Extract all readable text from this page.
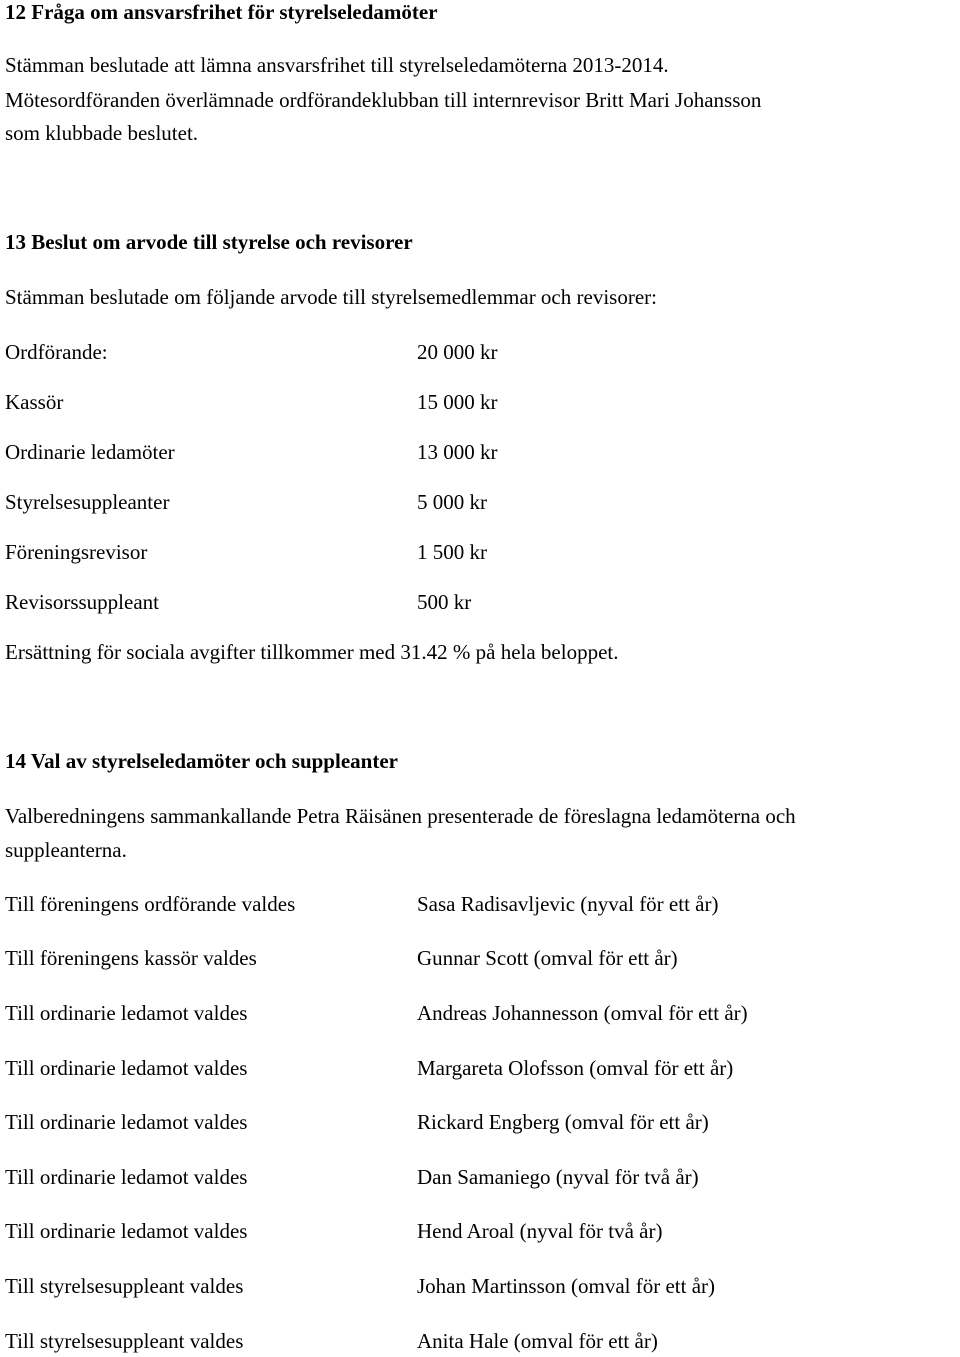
12 Fråga om ansvarsfrihet för styrelseledamöter
Stämman beslutade att lämna ansvarsfrihet till styrelseledamöterna 2013-2014.
Mötesordföranden överlämnade ordförandeklubban till internrevisor Britt Mari Johansson
som klubbade beslutet.
13 Beslut om arvode till styrelse och revisorer
Stämman beslutade om följande arvode till styrelsemedlemmar och revisorer:
Ordförande:	20 000 kr
Kassör	15 000 kr
Ordinarie ledamöter	13 000 kr
Styrelsesuppleanter	5 000 kr
Föreningsrevisor	1 500 kr
Revisorssuppleant	500 kr
Ersättning för sociala avgifter tillkommer med 31.42 % på hela beloppet.
14 Val av styrelseledamöter och suppleanter
Valberedningens sammankallande Petra Räisänen presenterade de föreslagna ledamöterna och
suppleanterna.
Till föreningens ordförande valdes	Sasa Radisavljevic (nyval för ett år)
Till föreningens kassör valdes	Gunnar Scott (omval för ett år)
Till ordinarie ledamot valdes	Andreas Johannesson (omval för ett år)
Till ordinarie ledamot valdes	Margareta Olofsson (omval för ett år)
Till ordinarie ledamot valdes	Rickard Engberg (omval för ett år)
Till ordinarie ledamot valdes	Dan Samaniego (nyval för två år)
Till ordinarie ledamot valdes	Hend Aroal (nyval för två år)
Till styrelsesuppleant valdes	Johan Martinsson (omval för ett år)
Till styrelsesuppleant valdes	Anita Hale (omval för ett år)
